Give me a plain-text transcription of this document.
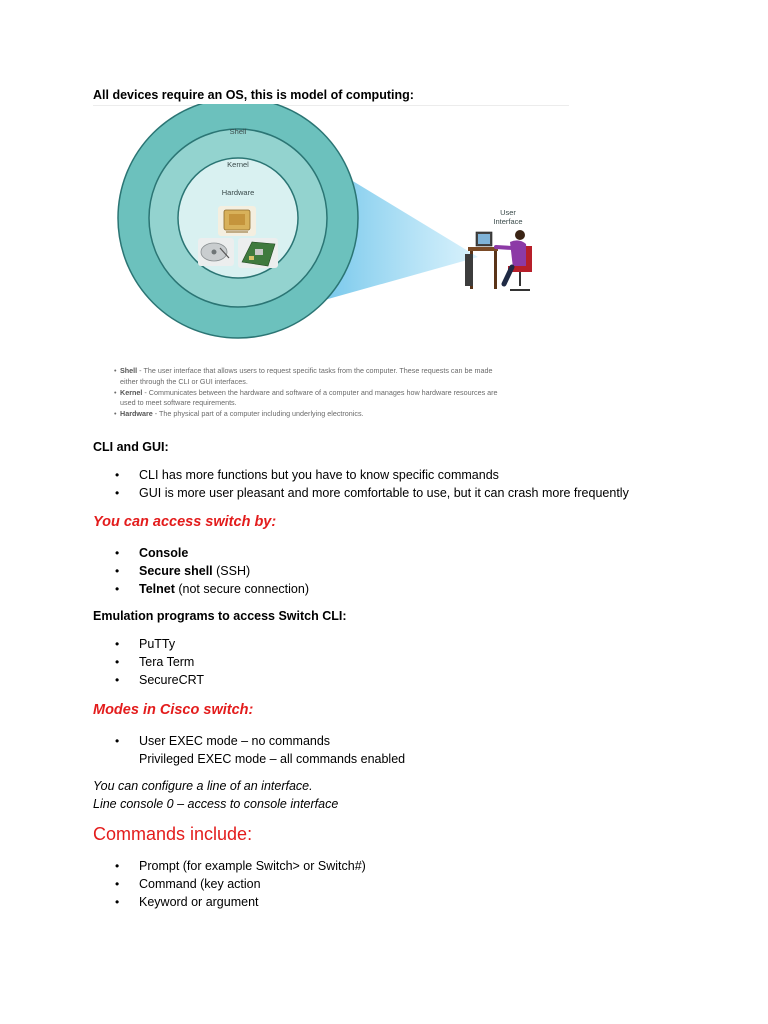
All devices require an OS, this is model of computing:
Shell
Kernel
Hardware
User
Interface
• Shell - The user interface that allows users to request specific tasks from the computer. These requests can be made
either through the CLI or GUI interfaces.
• Kernel - Communicates between the hardware and software of a computer and manages how hardware resources are
used to meet software requirements.
• Hardware - The physical part of a computer including underlying electronics.
CLI and GUI:
• CLI has more functions but you have to know specific commands
• GUI is more user pleasant and more comfortable to use, but it can crash more frequently
You can access switch by:
• Console
• Secure shell (SSH)
• Telnet (not secure connection)
Emulation programs to access Switch CLI:
• PuTTy
• Tera Term
• SecureCRT
Modes in Cisco switch:
• User EXEC mode – no commands
Privileged EXEC mode – all commands enabled
You can configure a line of an interface.
Line console 0 – access to console interface
Commands include:
• Prompt (for example Switch> or Switch#)
• Command (key action
• Keyword or argument
